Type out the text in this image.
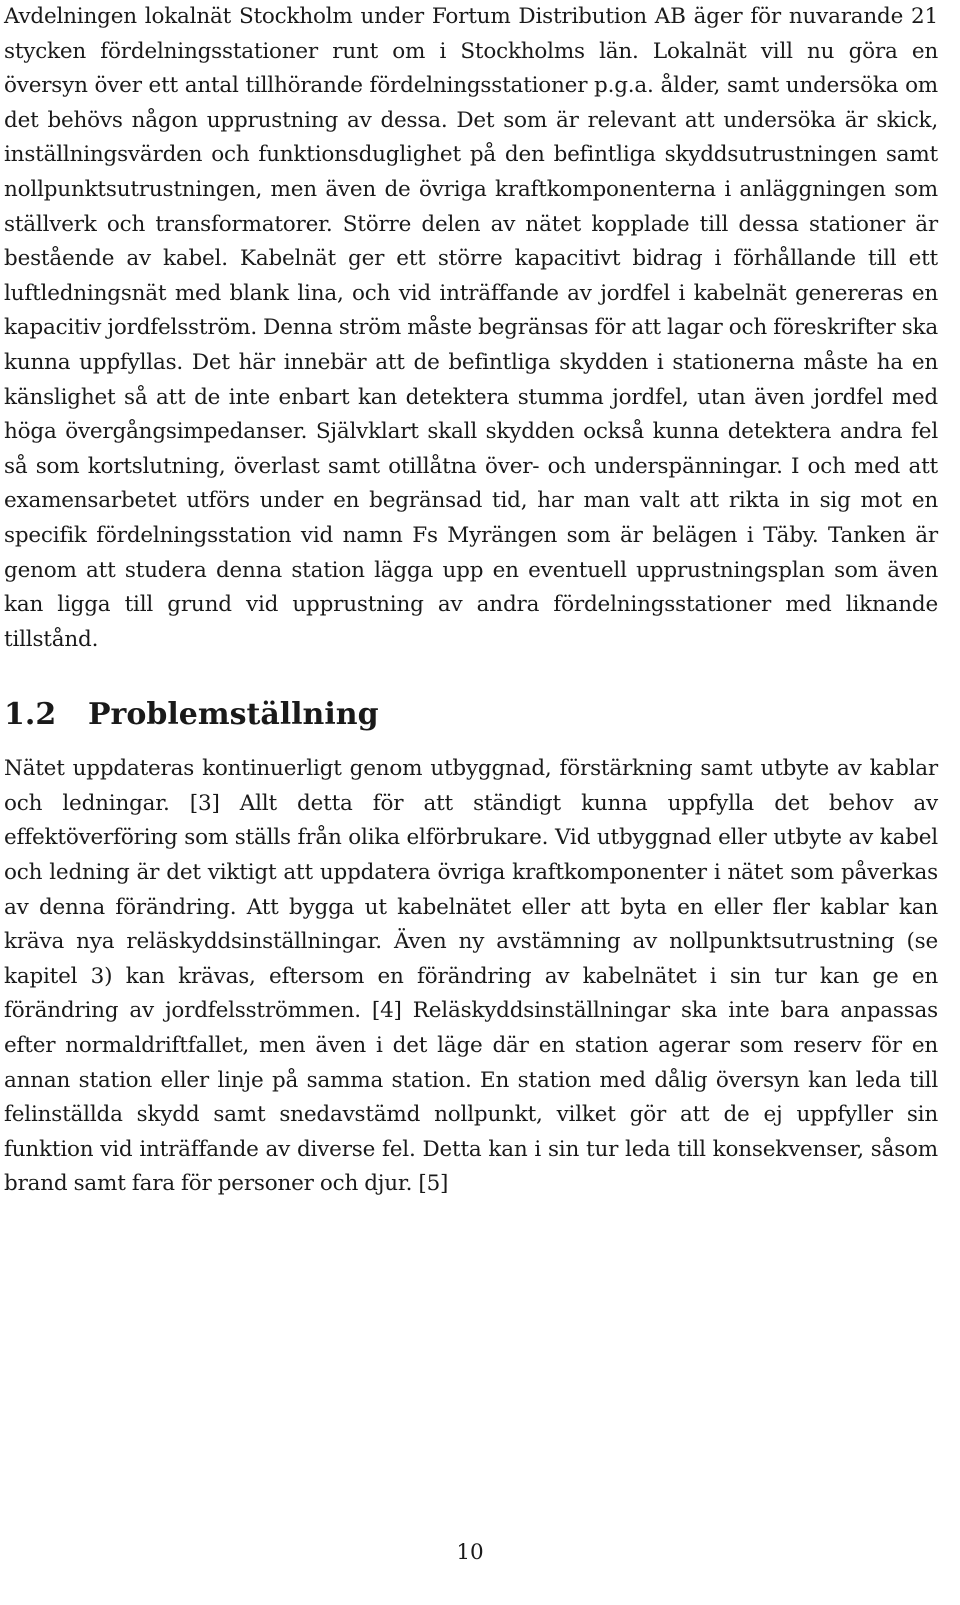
Avdelningen lokalnät Stockholm under Fortum Distribution AB äger för nuvarande 21 stycken fördelningsstationer runt om i Stockholms län. Lokalnät vill nu göra en översyn över ett antal tillhörande fördelningsstationer p.g.a. ålder, samt undersöka om det behövs någon upprustning av dessa. Det som är relevant att undersöka är skick, inställningsvärden och funktionsduglighet på den befintliga skyddsutrustningen samt nollpunktsutrustningen, men även de övriga kraftkomponenterna i anläggningen som ställverk och transformatorer. Större delen av nätet kopplade till dessa stationer är bestående av kabel. Kabelnät ger ett större kapacitivt bidrag i förhållande till ett luftledningsnät med blank lina, och vid inträffande av jordfel i kabelnät genereras en kapacitiv jordfelsström. Denna ström måste begränsas för att lagar och föreskrifter ska kunna uppfyllas. Det här innebär att de befintliga skydden i stationerna måste ha en känslighet så att de inte enbart kan detektera stumma jordfel, utan även jordfel med höga övergångsimpedanser. Självklart skall skydden också kunna detektera andra fel så som kortslutning, överlast samt otillåtna över- och underspänningar. I och med att examensarbetet utförs under en begränsad tid, har man valt att rikta in sig mot en specifik fördelningsstation vid namn Fs Myrängen som är belägen i Täby. Tanken är genom att studera denna station lägga upp en eventuell upprustningsplan som även kan ligga till grund vid upprustning av andra fördelningsstationer med liknande tillstånd.

1.2	Problemställning

Nätet uppdateras kontinuerligt genom utbyggnad, förstärkning samt utbyte av kablar och ledningar. [3] Allt detta för att ständigt kunna uppfylla det behov av effektöverföring som ställs från olika elförbrukare. Vid utbyggnad eller utbyte av kabel och ledning är det viktigt att uppdatera övriga kraftkomponenter i nätet som påverkas av denna förändring. Att bygga ut kabelnätet eller att byta en eller fler kablar kan kräva nya reläskyddsinställningar. Även ny avstämning av nollpunktsutrustning (se kapitel 3) kan krävas, eftersom en förändring av kabelnätet i sin tur kan ge en förändring av jordfelsströmmen. [4] Reläskyddsinställningar ska inte bara anpassas efter normaldriftfallet, men även i det läge där en station agerar som reserv för en annan station eller linje på samma station. En station med dålig översyn kan leda till felinställda skydd samt snedavstämd nollpunkt, vilket gör att de ej uppfyller sin funktion vid inträffande av diverse fel. Detta kan i sin tur leda till konsekvenser, såsom brand samt fara för personer och djur. [5]

10
